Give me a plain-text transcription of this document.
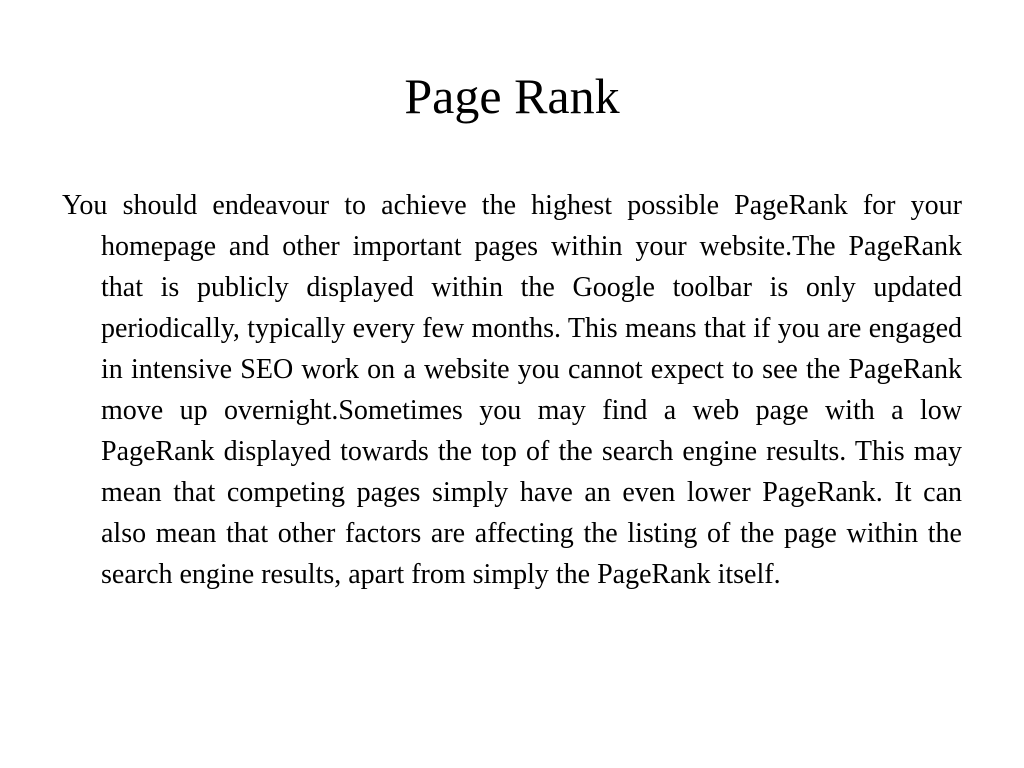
Page Rank

You should endeavour to achieve the highest possible PageRank for your homepage and other important pages within your website.The PageRank that is publicly displayed within the Google toolbar is only updated periodically, typically every few months. This means that if you are engaged in intensive SEO work on a website you cannot expect to see the PageRank move up overnight.Sometimes you may find a web page with a low PageRank displayed towards the top of the search engine results. This may mean that competing pages simply have an even lower PageRank. It can also mean that other factors are affecting the listing of the page within the search engine results, apart from simply the PageRank itself.
